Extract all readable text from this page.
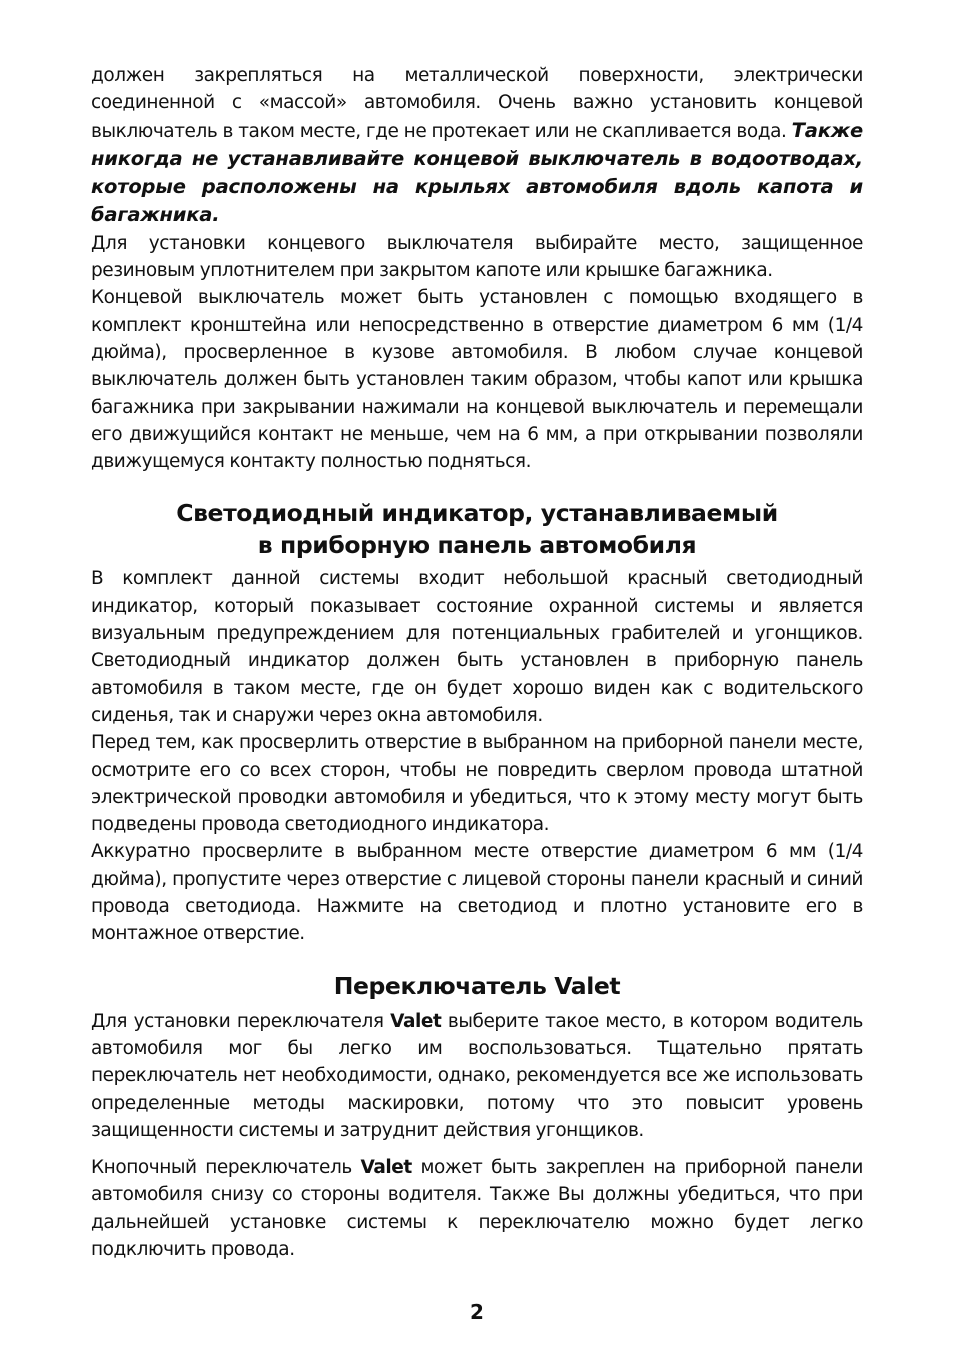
должен закрепляться на металлической поверхности, электрически соединенной с «массой» автомобиля. Очень важно установить концевой выключатель в таком месте, где не протекает или не скапливается вода. Также никогда не устанавливайте концевой выключатель в водоотводах, которые расположены на крыльях автомобиля вдоль капота и багажника.

Для установки концевого выключателя выбирайте место, защищенное резиновым уплотнителем при закрытом капоте или крышке багажника.

Концевой выключатель может быть установлен с помощью входящего в комплект кронштейна или непосредственно в отверстие диаметром 6 мм (1/4 дюйма), просверленное в кузове автомобиля. В любом случае концевой выключатель должен быть установлен таким образом, чтобы капот или крышка багажника при закрывании нажимали на концевой выключатель и перемещали его движущийся контакт не меньше, чем на 6 мм, а при открывании позволяли движущемуся контакту полностью подняться.

Светодиодный индикатор, устанавливаемый
в приборную панель автомобиля

В комплект данной системы входит небольшой красный светодиодный индикатор, который показывает состояние охранной системы и является визуальным предупреждением для потенциальных грабителей и угонщиков. Светодиодный индикатор должен быть установлен в приборную панель автомобиля в таком месте, где он будет хорошо виден как с водительского сиденья, так и снаружи через окна автомобиля.

Перед тем, как просверлить отверстие в выбранном на приборной панели месте, осмотрите его со всех сторон, чтобы не повредить сверлом провода штатной электрической проводки автомобиля и убедиться, что к этому месту могут быть подведены провода светодиодного индикатора.

Аккуратно просверлите в выбранном месте отверстие диаметром 6 мм (1/4 дюйма), пропустите через отверстие с лицевой стороны панели красный и синий провода светодиода. Нажмите на светодиод и плотно установите его в монтажное отверстие.

Переключатель Valet

Для установки переключателя Valet выберите такое место, в котором водитель автомобиля мог бы легко им воспользоваться. Тщательно прятать переключатель нет необходимости, однако, рекомендуется все же использовать определенные методы маскировки, потому что это повысит уровень защищенности системы и затруднит действия угонщиков.

Кнопочный переключатель Valet может быть закреплен на приборной панели автомобиля снизу со стороны водителя. Также Вы должны убедиться, что при дальнейшей установке системы к переключателю можно будет легко подключить провода.

2
